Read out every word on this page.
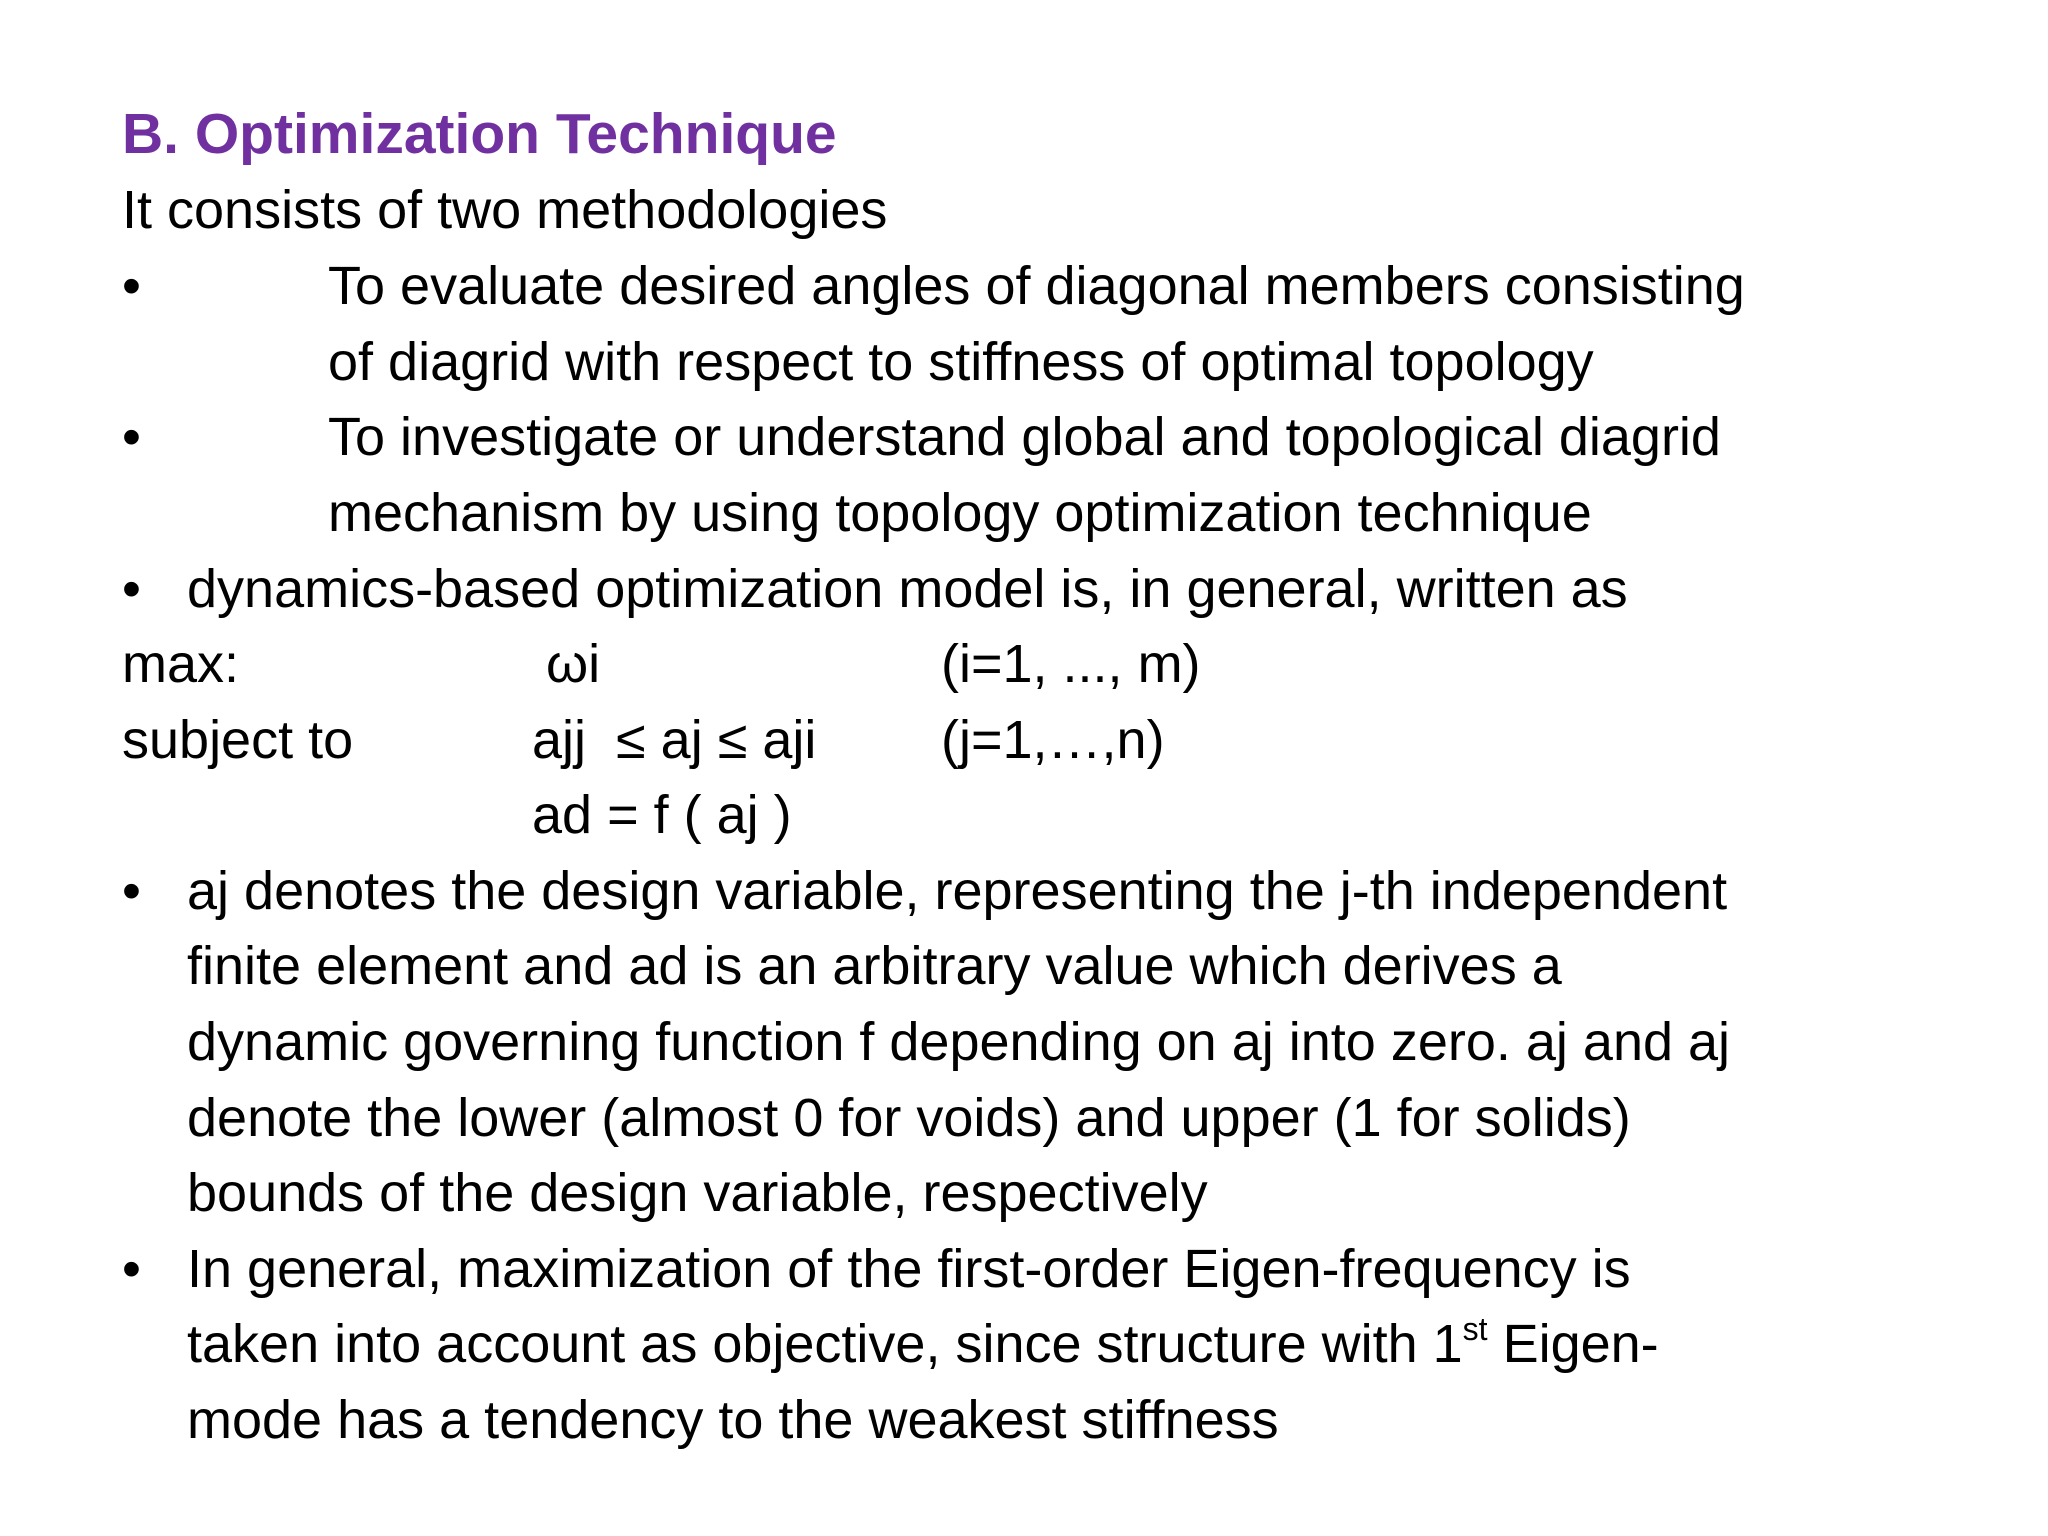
B. Optimization Technique
It consists of two methodologies
•	To evaluate desired angles of diagonal members consisting
of diagrid with respect to stiffness of optimal topology
•	To investigate or understand global and topological diagrid
mechanism by using topology optimization technique
• dynamics-based optimization model is, in general, written as
max:	ωi	(i=1, ..., m)
subject to	ajj  ≤ aj ≤ aji (j=1,…,n)
ad = f ( aj )
• aj denotes the design variable, representing the j-th independent
finite element and ad is an arbitrary value which derives a
dynamic governing function f depending on aj into zero. aj and aj
denote the lower (almost 0 for voids) and upper (1 for solids)
bounds of the design variable, respectively
• In general, maximization of the first-order Eigen-frequency is
taken into account as objective, since structure with 1st Eigen-
mode has a tendency to the weakest stiffness
